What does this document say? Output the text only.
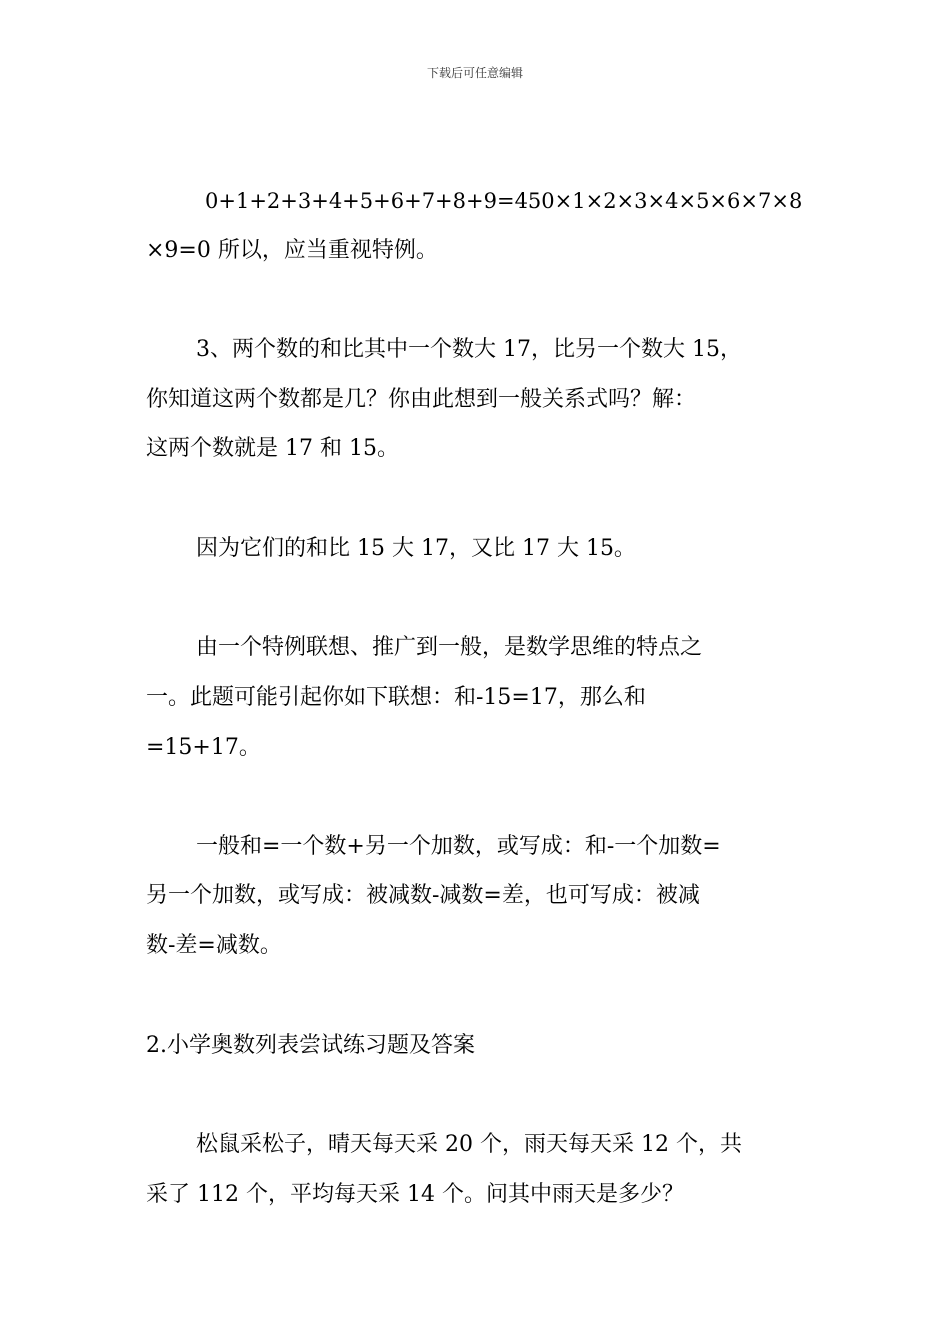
下载后可任意编辑
0+1+2+3+4+5+6+7+8+9=450×1×2×3×4×5×6×7×8
×9=0 所以，应当重视特例。
3、两个数的和比其中一个数大 17，比另一个数大 15，
你知道这两个数都是几？你由此想到一般关系式吗？解：
这两个数就是 17 和 15。
因为它们的和比 15 大 17，又比 17 大 15。
由一个特例联想、推广到一般，是数学思维的特点之
一。此题可能引起你如下联想：和-15=17，那么和
=15+17。
一般和=一个数+另一个加数，或写成：和-一个加数=
另一个加数，或写成：被减数-减数=差，也可写成：被减
数-差=减数。
2.小学奥数列表尝试练习题及答案
松鼠采松子，晴天每天采 20 个，雨天每天采 12 个，共
采了 112 个，平均每天采 14 个。问其中雨天是多少？
